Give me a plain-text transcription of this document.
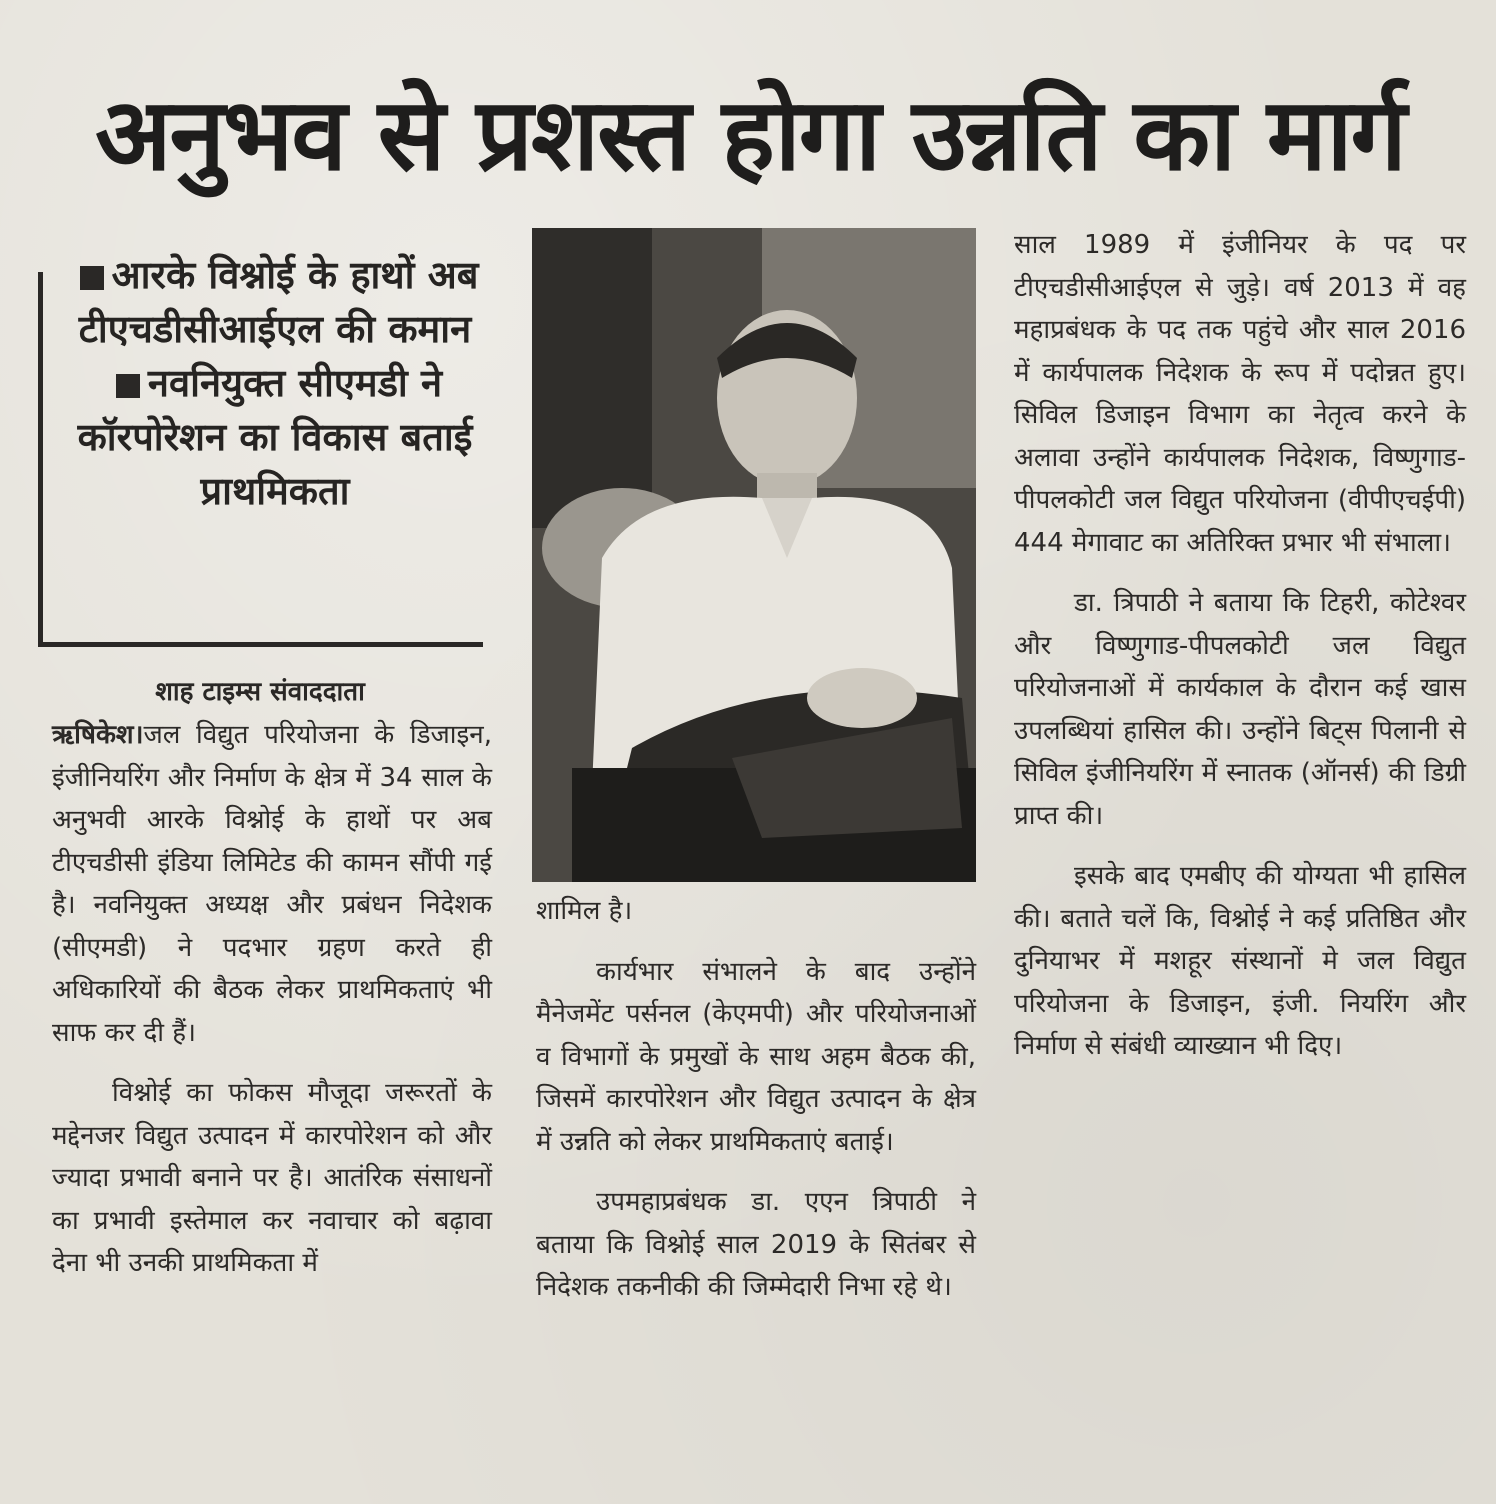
अनुभव से प्रशस्त होगा उन्नति का मार्ग
आरके विश्नोई के हाथों अब टीएचडीसीआईएल की कमान नवनियुक्त सीएमडी ने कॉरपोरेशन का विकास बताई प्राथमिकता
शाह टाइम्स संवाददाता

ऋषिकेश।जल विद्युत परियोजना के डिजाइन, इंजीनियरिंग और निर्माण के क्षेत्र में 34 साल के अनुभवी आरके विश्नोई के हाथों पर अब टीएचडीसी इंडिया लिमिटेड की कामन सौंपी गई है। नवनियुक्त अध्यक्ष और प्रबंधन निदेशक (सीएमडी) ने पदभार ग्रहण करते ही अधिकारियों की बैठक लेकर प्राथमिकताएं भी साफ कर दी हैं।

विश्नोई का फोकस मौजूदा जरूरतों के मद्देनजर विद्युत उत्पादन में कारपोरेशन को और ज्यादा प्रभावी बनाने पर है। आतंरिक संसाधनों का प्रभावी इस्तेमाल कर नवाचार को बढ़ावा देना भी उनकी प्राथमिकता में

शामिल है।

कार्यभार संभालने के बाद उन्होंने मैनेजमेंट पर्सनल (केएमपी) और परियोजनाओं व विभागों के प्रमुखों के साथ अहम बैठक की, जिसमें कारपोरेशन और विद्युत उत्पादन के क्षेत्र में उन्नति को लेकर प्राथमिकताएं बताई।

उपमहाप्रबंधक डा. एएन त्रिपाठी ने बताया कि विश्नोई साल 2019 के सितंबर से निदेशक तकनीकी की जिम्मेदारी निभा रहे थे।

साल 1989 में इंजीनियर के पद पर टीएचडीसीआईएल से जुड़े। वर्ष 2013 में वह महाप्रबंधक के पद तक पहुंचे और साल 2016 में कार्यपालक निदेशक के रूप में पदोन्नत हुए। सिविल डिजाइन विभाग का नेतृत्व करने के अलावा उन्होंने कार्यपालक निदेशक, विष्णुगाड-पीपलकोटी जल विद्युत परियोजना (वीपीएचईपी) 444 मेगावाट का अतिरिक्त प्रभार भी संभाला।

डा. त्रिपाठी ने बताया कि टिहरी, कोटेश्वर और विष्णुगाड-पीपलकोटी जल विद्युत परियोजनाओं में कार्यकाल के दौरान कई खास उपलब्धियां हासिल की। उन्होंने बिट्स पिलानी से सिविल इंजीनियरिंग में स्नातक (ऑनर्स) की डिग्री प्राप्त की।

इसके बाद एमबीए की योग्यता भी हासिल की। बताते चलें कि, विश्नोई ने कई प्रतिष्ठित और दुनियाभर में मशहूर संस्थानों मे जल विद्युत परियोजना के डिजाइन, इंजी. नियरिंग और निर्माण से संबंधी व्याख्यान भी दिए।
